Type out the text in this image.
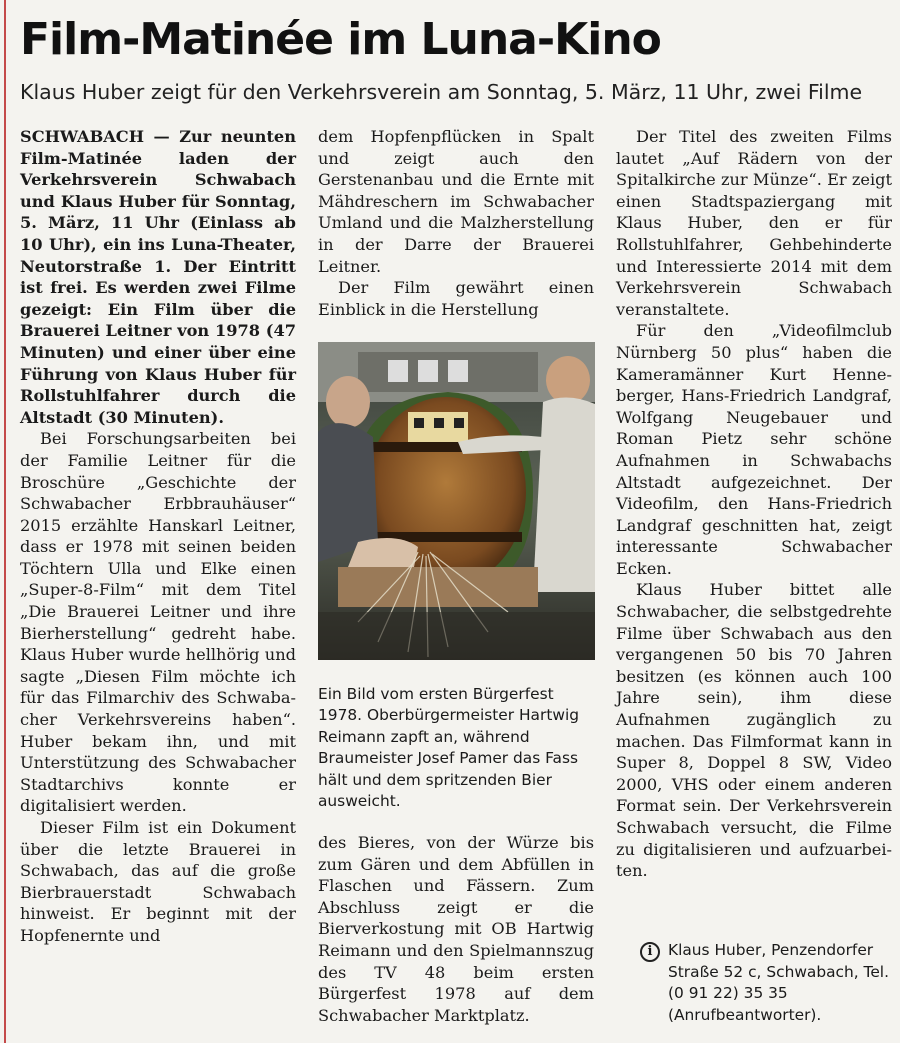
Film-Matinée im Luna-Kino
Klaus Huber zeigt für den Verkehrsverein am Sonntag, 5. März, 11 Uhr, zwei Filme

SCHWABACH — Zur neunten Film-Matinée laden der Verkehrsverein Schwabach und Klaus Huber für Sonntag, 5. März, 11 Uhr (Einlass ab 10 Uhr), ein ins Luna-Theater, Neutorstraße 1. Der Eintritt ist frei. Es werden zwei Filme gezeigt: Ein Film über die Brauerei Leitner von 1978 (47 Minuten) und einer über eine Führung von Klaus Huber für Rollstuhlfahrer durch die Altstadt (30 Minuten).

Bei Forschungsarbeiten bei der Familie Leitner für die Broschüre „Geschichte der Schwabacher Erbbrauhäuser“ 2015 erzählte Hanskarl Leitner, dass er 1978 mit seinen beiden Töchtern Ulla und Elke einen „Super-8-Film“ mit dem Titel „Die Brauerei Leitner und ihre Bierherstellung“ gedreht habe. Klaus Huber wurde hellhörig und sagte „Diesen Film möchte ich für das Filmarchiv des Schwabacher Verkehrsvereins haben“. Huber bekam ihn, und mit Unterstützung des Schwabacher Stadtarchivs konnte er digitalisiert werden.

Dieser Film ist ein Dokument über die letzte Brauerei in Schwabach, das auf die große Bierbrauerstadt Schwabach hinweist. Er beginnt mit der Hopfenernte und

dem Hopfenpflücken in Spalt und zeigt auch den Gerstenanbau und die Ernte mit Mähdreschern im Schwabacher Umland und die Malzherstellung in der Darre der Brauerei Leitner.

Der Film gewährt einen Einblick in die Herstellung

Ein Bild vom ersten Bürgerfest 1978. Oberbürgermeister Hartwig Reimann zapft an, während Braumeister Josef Pamer das Fass hält und dem spritzenden Bier ausweicht.

des Bieres, von der Würze bis zum Gären und dem Abfüllen in Flaschen und Fässern. Zum Abschluss zeigt er die Bierverkostung mit OB Hartwig Reimann und den Spielmannszug des TV 48 beim ersten Bürgerfest 1978 auf dem Schwabacher Marktplatz.

Der Titel des zweiten Films lautet „Auf Rädern von der Spitalkirche zur Münze“. Er zeigt einen Stadtspaziergang mit Klaus Huber, den er für Rollstuhlfahrer, Gehbehinderte und Interessierte 2014 mit dem Verkehrsverein Schwabach veranstaltete.

Für den „Videofilmclub Nürnberg 50 plus“ haben die Kameramänner Kurt Henneberger, Hans-Friedrich Landgraf, Wolfgang Neugebauer und Roman Pietz sehr schöne Aufnahmen in Schwabachs Altstadt aufgezeichnet. Der Videofilm, den Hans-Friedrich Landgraf geschnitten hat, zeigt interessante Schwabacher Ecken.

Klaus Huber bittet alle Schwabacher, die selbstgedrehte Filme über Schwabach aus den vergangenen 50 bis 70 Jahren besitzen (es können auch 100 Jahre sein), ihm diese Aufnahmen zugänglich zu machen. Das Filmformat kann in Super 8, Doppel 8 SW, Video 2000, VHS oder einem anderen Format sein. Der Verkehrsverein Schwabach versucht, die Filme zu digitalisieren und aufzuarbeiten.

i	Klaus Huber, Penzendorfer Straße 52 c, Schwabach, Tel. (0 91 22) 35 35 (Anrufbeantworter).
